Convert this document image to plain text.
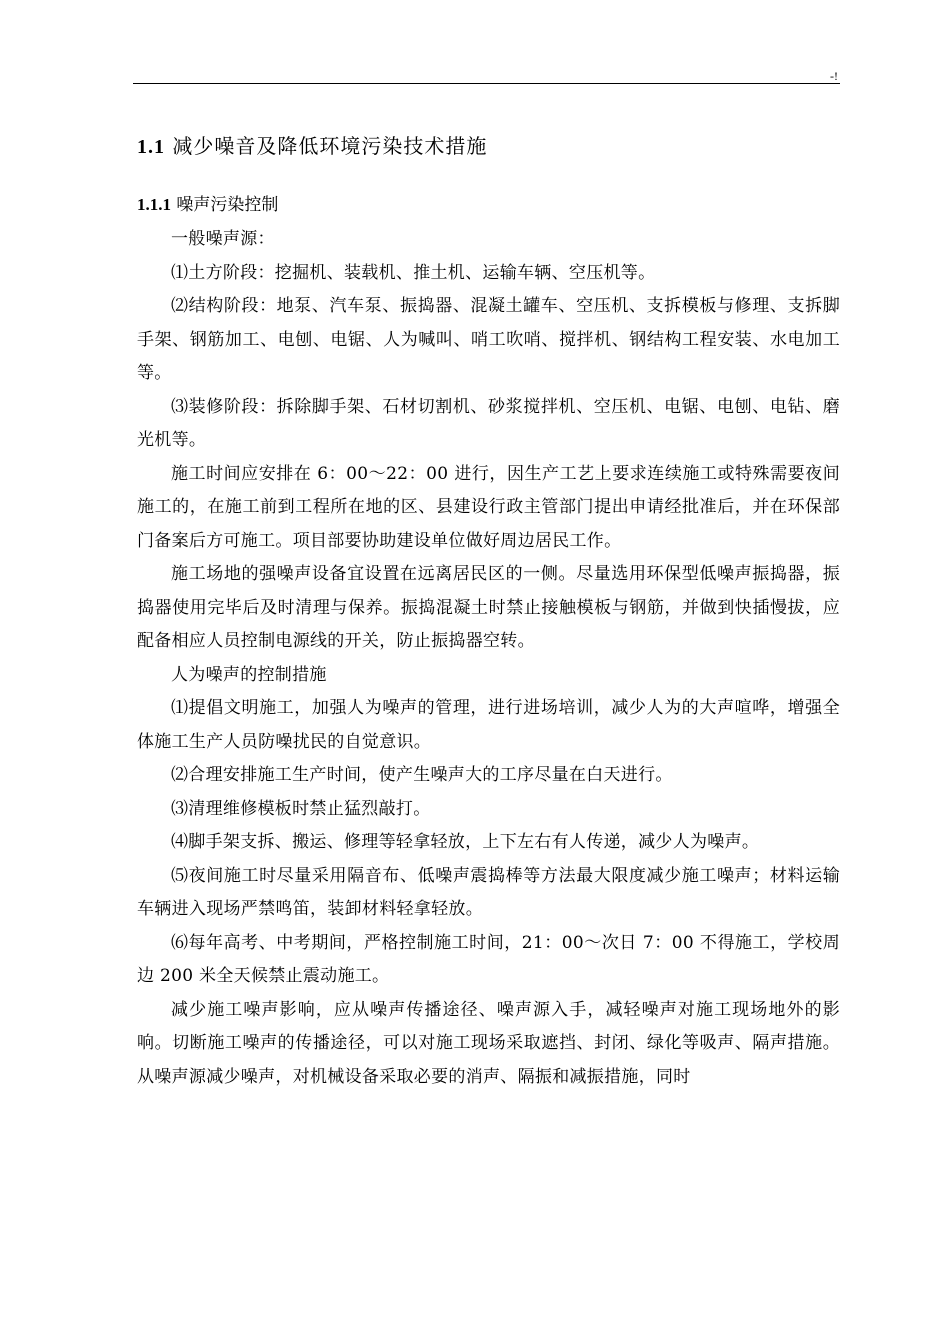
-!
1.1 减少噪音及降低环境污染技术措施
1.1.1 噪声污染控制

一般噪声源：

⑴土方阶段：挖掘机、装载机、推土机、运输车辆、空压机等。

⑵结构阶段：地泵、汽车泵、振捣器、混凝土罐车、空压机、支拆模板与修理、支拆脚手架、钢筋加工、电刨、电锯、人为喊叫、哨工吹哨、搅拌机、钢结构工程安装、水电加工等。

⑶装修阶段：拆除脚手架、石材切割机、砂浆搅拌机、空压机、电锯、电刨、电钻、磨光机等。

施工时间应安排在 6：00～22：00 进行，因生产工艺上要求连续施工或特殊需要夜间施工的，在施工前到工程所在地的区、县建设行政主管部门提出申请经批准后，并在环保部门备案后方可施工。项目部要协助建设单位做好周边居民工作。

施工场地的强噪声设备宜设置在远离居民区的一侧。尽量选用环保型低噪声振捣器，振捣器使用完毕后及时清理与保养。振捣混凝土时禁止接触模板与钢筋，并做到快插慢拔，应配备相应人员控制电源线的开关，防止振捣器空转。

人为噪声的控制措施

⑴提倡文明施工，加强人为噪声的管理，进行进场培训，减少人为的大声喧哗，增强全体施工生产人员防噪扰民的自觉意识。

⑵合理安排施工生产时间，使产生噪声大的工序尽量在白天进行。

⑶清理维修模板时禁止猛烈敲打。

⑷脚手架支拆、搬运、修理等轻拿轻放，上下左右有人传递，减少人为噪声。

⑸夜间施工时尽量采用隔音布、低噪声震捣棒等方法最大限度减少施工噪声；材料运输车辆进入现场严禁鸣笛，装卸材料轻拿轻放。

⑹每年高考、中考期间，严格控制施工时间，21：00～次日 7：00 不得施工，学校周边 200 米全天候禁止震动施工。

减少施工噪声影响，应从噪声传播途径、噪声源入手，减轻噪声对施工现场地外的影响。切断施工噪声的传播途径，可以对施工现场采取遮挡、封闭、绿化等吸声、隔声措施。从噪声源减少噪声，对机械设备采取必要的消声、隔振和减振措施，同时
